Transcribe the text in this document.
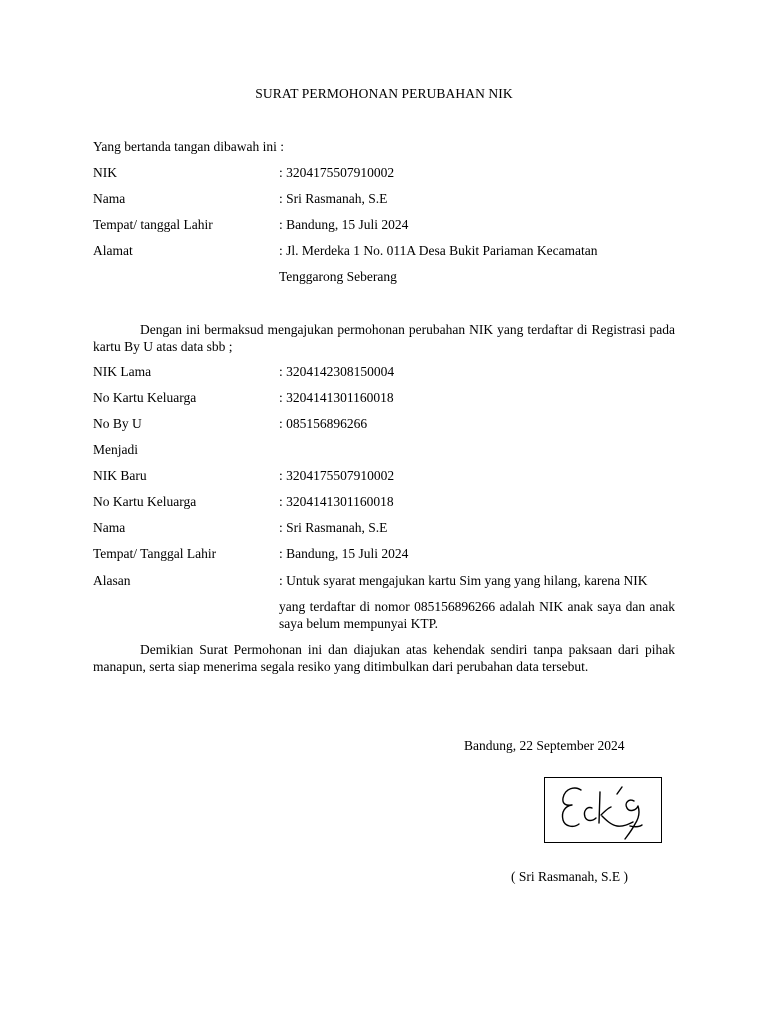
SURAT PERMOHONAN PERUBAHAN NIK
Yang bertanda tangan dibawah ini :
NIK	: 3204175507910002
Nama	: Sri Rasmanah, S.E
Tempat/ tanggal Lahir	: Bandung, 15 Juli 2024
Alamat	: Jl. Merdeka 1 No. 011A Desa Bukit Pariaman Kecamatan
Tenggarong Seberang
Dengan ini bermaksud mengajukan permohonan perubahan NIK yang terdaftar di Registrasi pada kartu By U atas data sbb ;
NIK Lama	: 3204142308150004
No Kartu Keluarga	: 3204141301160018
No By U	: 085156896266
Menjadi
NIK Baru	: 3204175507910002
No Kartu Keluarga	: 3204141301160018
Nama	: Sri Rasmanah, S.E
Tempat/ Tanggal Lahir	: Bandung, 15 Juli 2024
Alasan	: Untuk syarat mengajukan kartu Sim yang yang hilang, karena NIK
yang terdaftar di nomor 085156896266 adalah NIK anak saya dan anak saya belum mempunyai KTP.
Demikian Surat Permohonan ini dan diajukan atas kehendak sendiri tanpa paksaan dari pihak manapun, serta siap menerima segala resiko yang ditimbulkan dari perubahan data tersebut.
Bandung, 22 September 2024
( Sri Rasmanah, S.E )
